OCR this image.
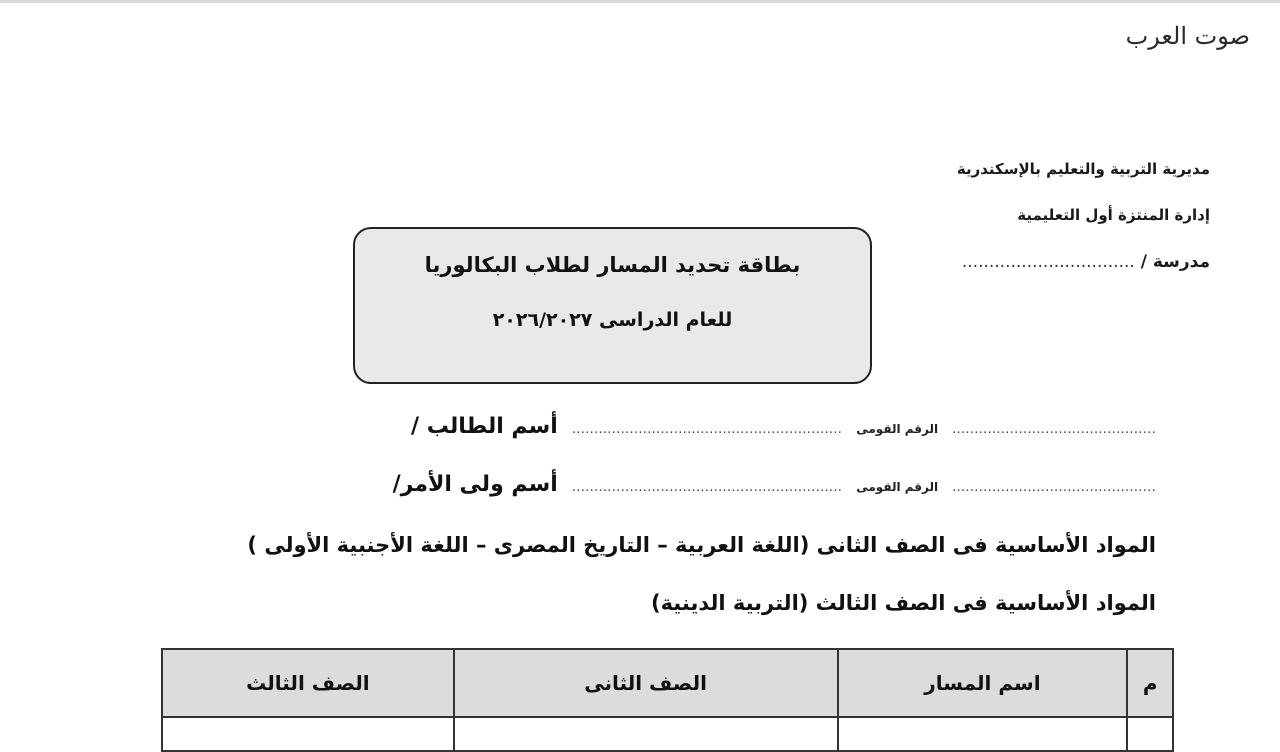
صوت العرب
مديرية التربية والتعليم بالإسكندرية
إدارة المنتزة أول التعليمية
مدرسة / ................................
بطاقة تحديد المسار لطلاب البكالوريا
للعام الدراسى ٢٠٢٦/٢٠٢٧
أسم الطالب / ............................................................. الرقم القومى ..............................................
أسم ولى الأمر/ ............................................................. الرقم القومى ..............................................
المواد الأساسية فى الصف الثانى (اللغة العربية – التاريخ المصرى – اللغة الأجنبية الأولى )
المواد الأساسية فى الصف الثالث (التربية الدينية)
م	اسم المسار	الصف الثانى	الصف الثالث
